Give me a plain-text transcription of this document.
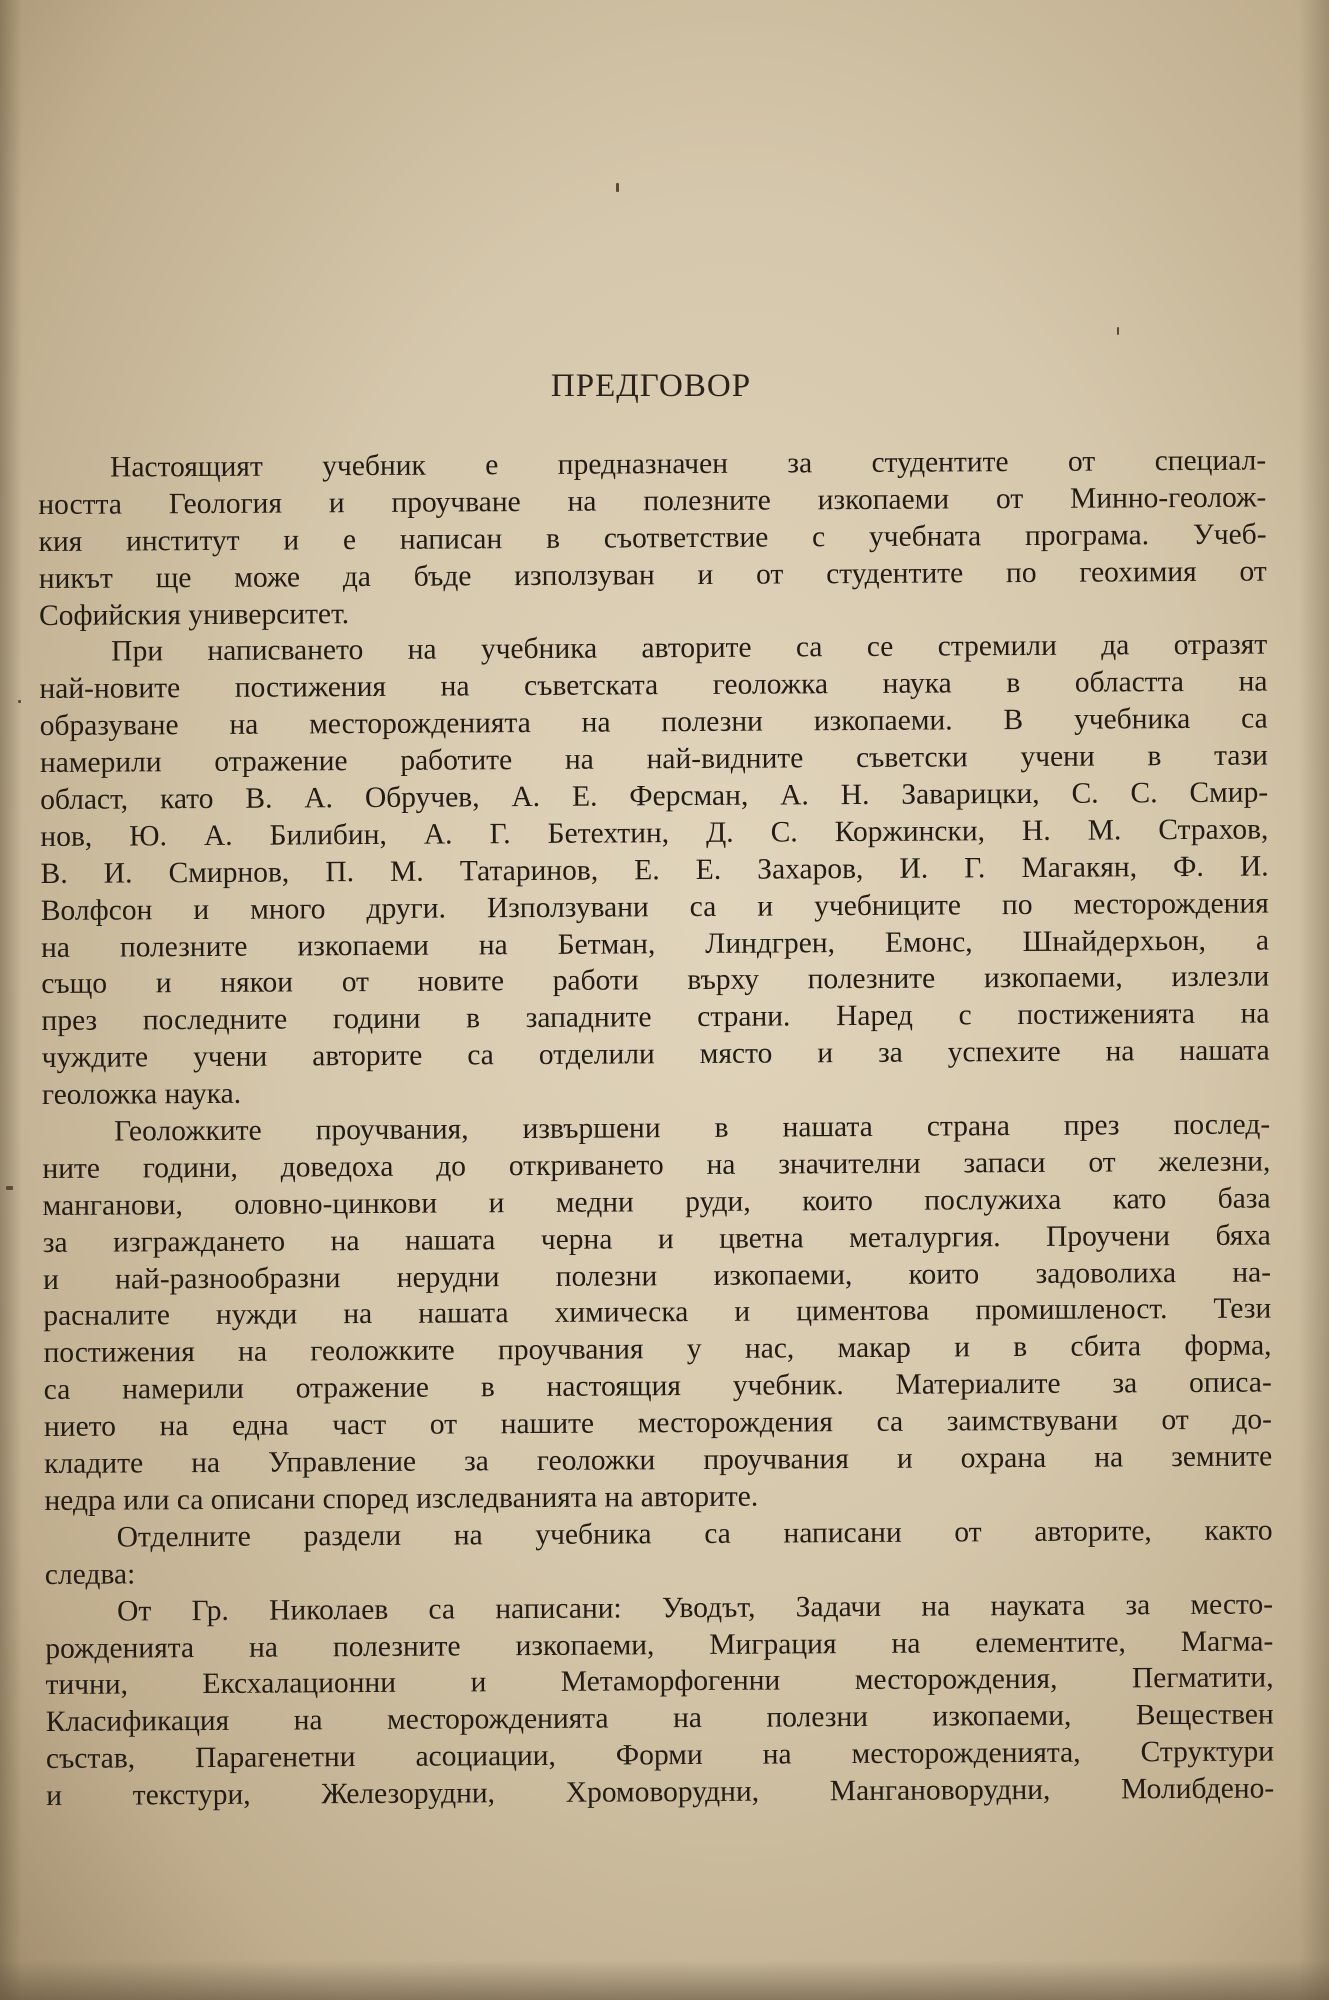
ПРЕДГОВОР
Настоящият учебник е предназначен за студентите от специал-
ността Геология и проучване на полезните изкопаеми от Минно-геолож-
кия институт и е написан в съответствие с учебната програма. Учеб-
никът ще може да бъде използуван и от студентите по геохимия от
Софийския университет.
При написването на учебника авторите са се стремили да отразят
най-новите постижения на съветската геоложка наука в областта на
образуване на месторожденията на полезни изкопаеми. В учебника са
намерили отражение работите на най-видните съветски учени в тази
област, като В. А. Обручев, А. Е. Ферсман, А. Н. Заварицки, С. С. Смир-
нов, Ю. А. Билибин, А. Г. Бетехтин, Д. С. Коржински, Н. М. Страхов,
В. И. Смирнов, П. М. Татаринов, Е. Е. Захаров, И. Г. Магакян, Ф. И.
Волфсон и много други. Използувани са и учебниците по месторождения
на полезните изкопаеми на Бетман, Линдгрен, Емонс, Шнайдерхьон, а
също и някои от новите работи върху полезните изкопаеми, излезли
през последните години в западните страни. Наред с постиженията на
чуждите учени авторите са отделили място и за успехите на нашата
геоложка наука.
Геоложките проучвания, извършени в нашата страна през послед-
ните години, доведоха до откриването на значителни запаси от железни,
манганови, оловно-цинкови и медни руди, които послужиха като база
за изграждането на нашата черна и цветна металургия. Проучени бяха
и най-разнообразни нерудни полезни изкопаеми, които задоволиха на-
расналите нужди на нашата химическа и циментова промишленост. Тези
постижения на геоложките проучвания у нас, макар и в сбита форма,
са намерили отражение в настоящия учебник. Материалите за описа-
нието на една част от нашите месторождения са заимствувани от до-
кладите на Управление за геоложки проучвания и охрана на земните
недра или са описани според изследванията на авторите.
Отделните раздели на учебника са написани от авторите, както
следва:
От Гр. Николаев са написани: Уводът, Задачи на науката за место-
рожденията на полезните изкопаеми, Миграция на елементите, Магма-
тични, Ексхалационни и Метаморфогенни месторождения, Пегматити,
Класификация на месторожденията на полезни изкопаеми, Веществен
състав, Парагенетни асоциации, Форми на месторожденията, Структури
и текстури, Железорудни, Хромоворудни, Мангановорудни, Молибдено-
